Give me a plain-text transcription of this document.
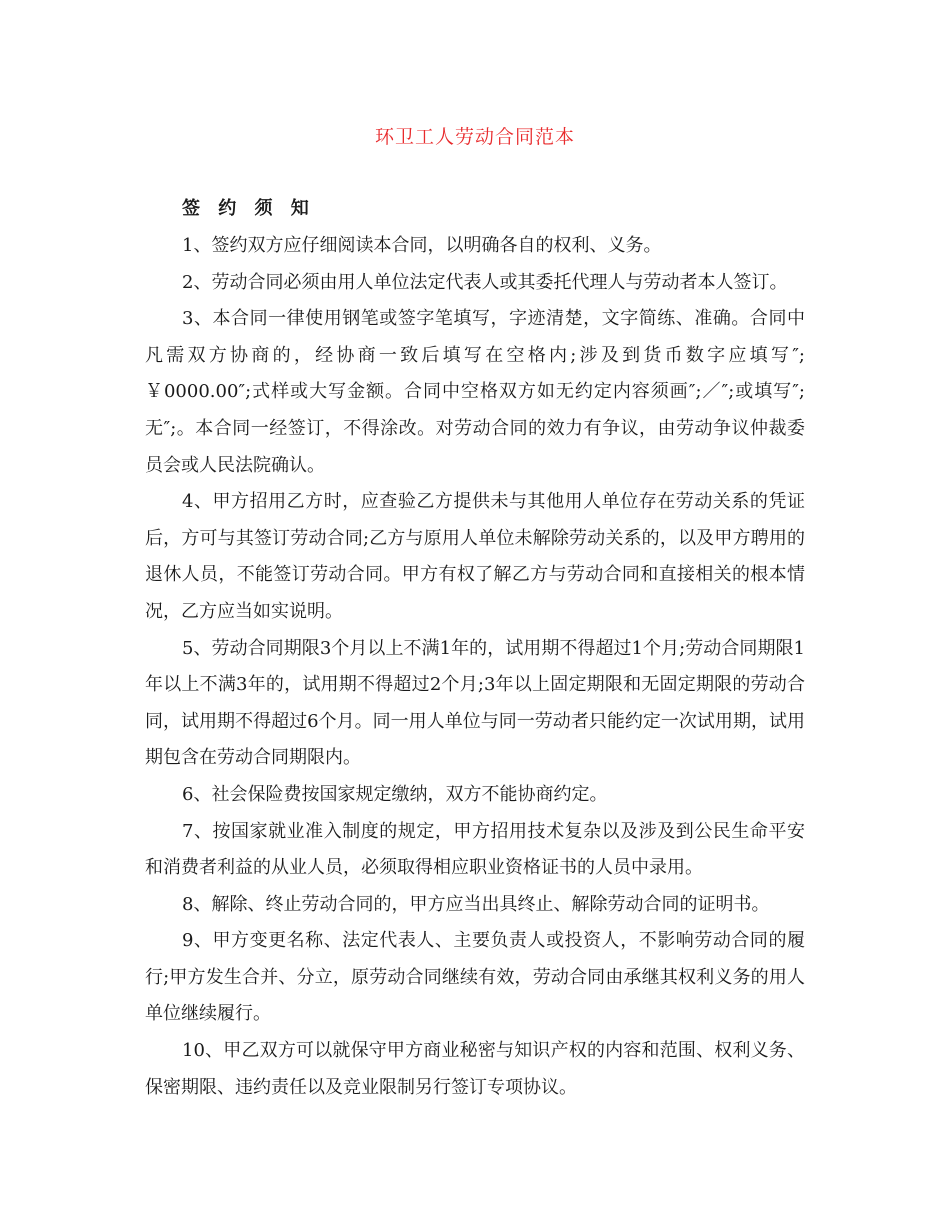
环卫工人劳动合同范本
签 约 须 知

1、签约双方应仔细阅读本合同，以明确各自的权利、义务。

2、劳动合同必须由用人单位法定代表人或其委托代理人与劳动者本人签订。

3、本合同一律使用钢笔或签字笔填写，字迹清楚，文字简练、准确。合同中凡需双方协商的，经协商一致后填写在空格内;涉及到货币数字应填写″;￥0000.00″;式样或大写金额。合同中空格双方如无约定内容须画″;／″;或填写″;无″;。本合同一经签订，不得涂改。对劳动合同的效力有争议，由劳动争议仲裁委员会或人民法院确认。

4、甲方招用乙方时，应查验乙方提供未与其他用人单位存在劳动关系的凭证后，方可与其签订劳动合同;乙方与原用人单位未解除劳动关系的，以及甲方聘用的退休人员，不能签订劳动合同。甲方有权了解乙方与劳动合同和直接相关的根本情况，乙方应当如实说明。

5、劳动合同期限3个月以上不满1年的，试用期不得超过1个月;劳动合同期限1年以上不满3年的，试用期不得超过2个月;3年以上固定期限和无固定期限的劳动合同，试用期不得超过6个月。同一用人单位与同一劳动者只能约定一次试用期，试用期包含在劳动合同期限内。

6、社会保险费按国家规定缴纳，双方不能协商约定。

7、按国家就业准入制度的规定，甲方招用技术复杂以及涉及到公民生命平安和消费者利益的从业人员，必须取得相应职业资格证书的人员中录用。

8、解除、终止劳动合同的，甲方应当出具终止、解除劳动合同的证明书。

9、甲方变更名称、法定代表人、主要负责人或投资人，不影响劳动合同的履行;甲方发生合并、分立，原劳动合同继续有效，劳动合同由承继其权利义务的用人单位继续履行。

10、甲乙双方可以就保守甲方商业秘密与知识产权的内容和范围、权利义务、保密期限、违约责任以及竞业限制另行签订专项协议。
